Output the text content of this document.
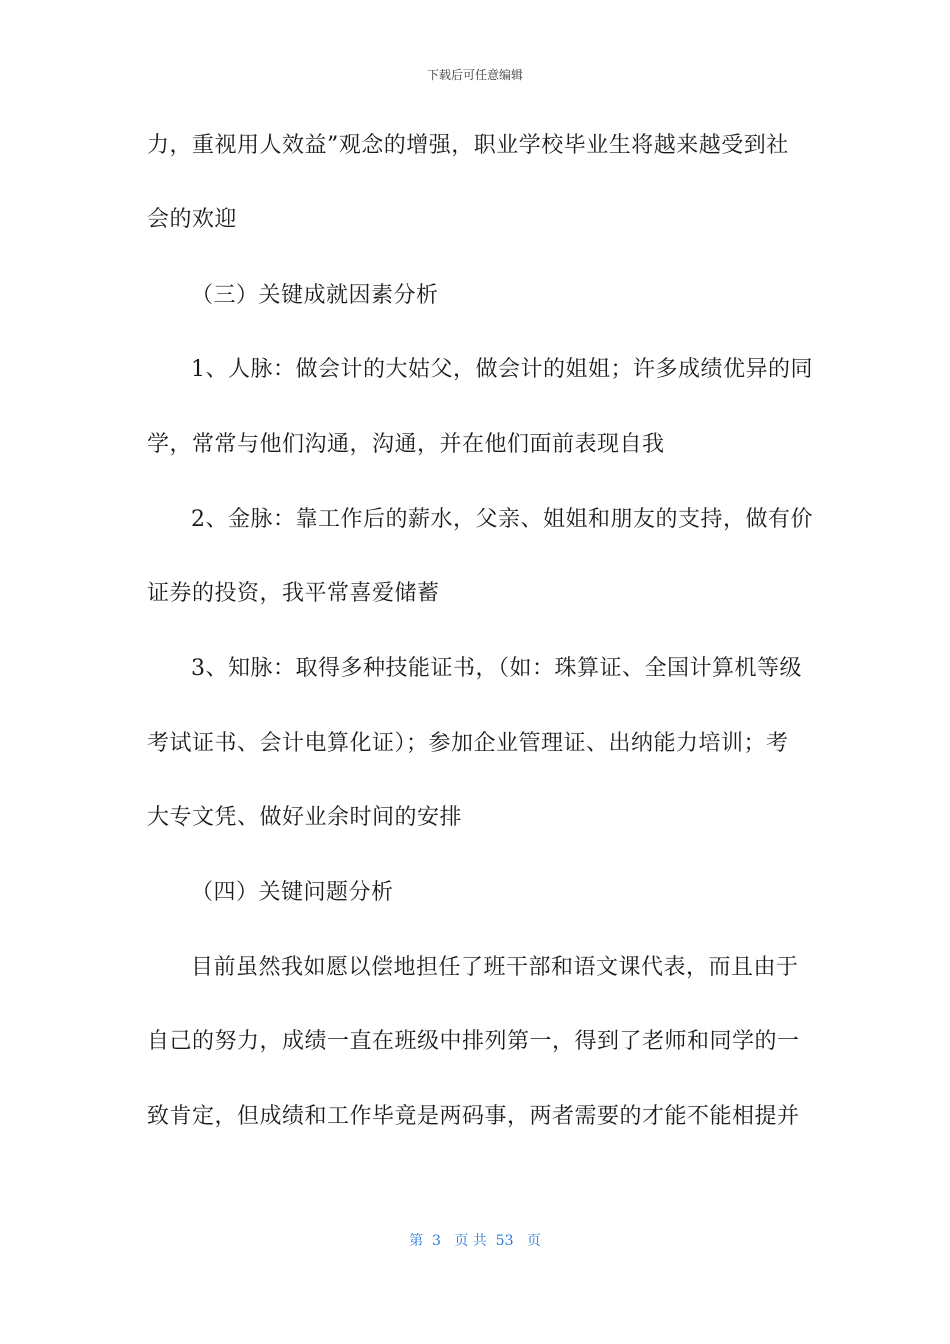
下载后可任意编辑
力，重视用人效益”观念的增强，职业学校毕业生将越来越受到社
会的欢迎
（三）关键成就因素分析
1、人脉：做会计的大姑父，做会计的姐姐；许多成绩优异的同
学，常常与他们沟通，沟通，并在他们面前表现自我
2、金脉：靠工作后的薪水，父亲、姐姐和朋友的支持，做有价
证券的投资，我平常喜爱储蓄
3、知脉：取得多种技能证书，（如：珠算证、全国计算机等级
考试证书、会计电算化证）；参加企业管理证、出纳能力培训；考
大专文凭、做好业余时间的安排
（四）关键问题分析
目前虽然我如愿以偿地担任了班干部和语文课代表，而且由于
自己的努力，成绩一直在班级中排列第一，得到了老师和同学的一
致肯定，但成绩和工作毕竟是两码事，两者需要的才能不能相提并
第  3   页 共  53   页
